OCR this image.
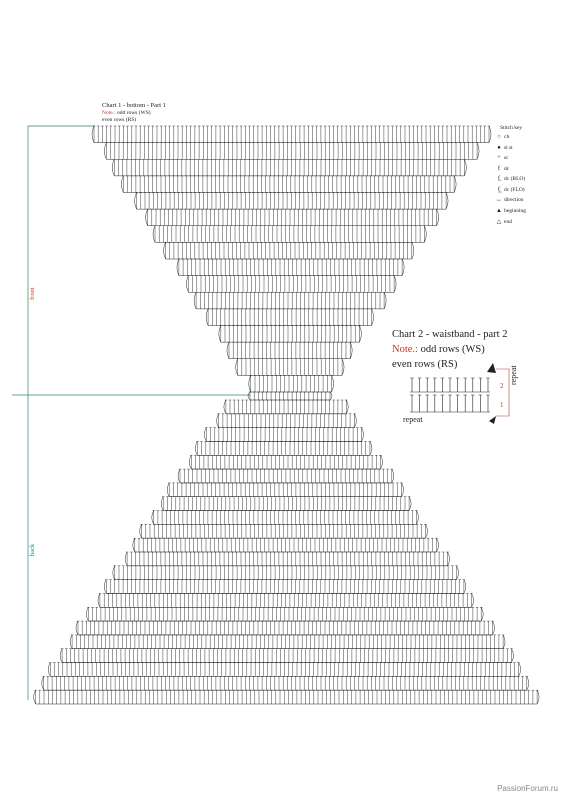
2
1
Chart 1 - bottom - Part 1
Note.: odd rows (WS)
even rows (RS)
front
back
Stitch key
○ ch
● sl st
+ sc
ƭ dc
ƭ̲ dc (BLO)
ƭ̳ dc (FLO)
↔ direction
▲ beginning
△ end
Chart 2 - waistband - part 2
Note.: odd rows (WS)
even rows (RS)
repeat
repeat
PassionForum.ru
